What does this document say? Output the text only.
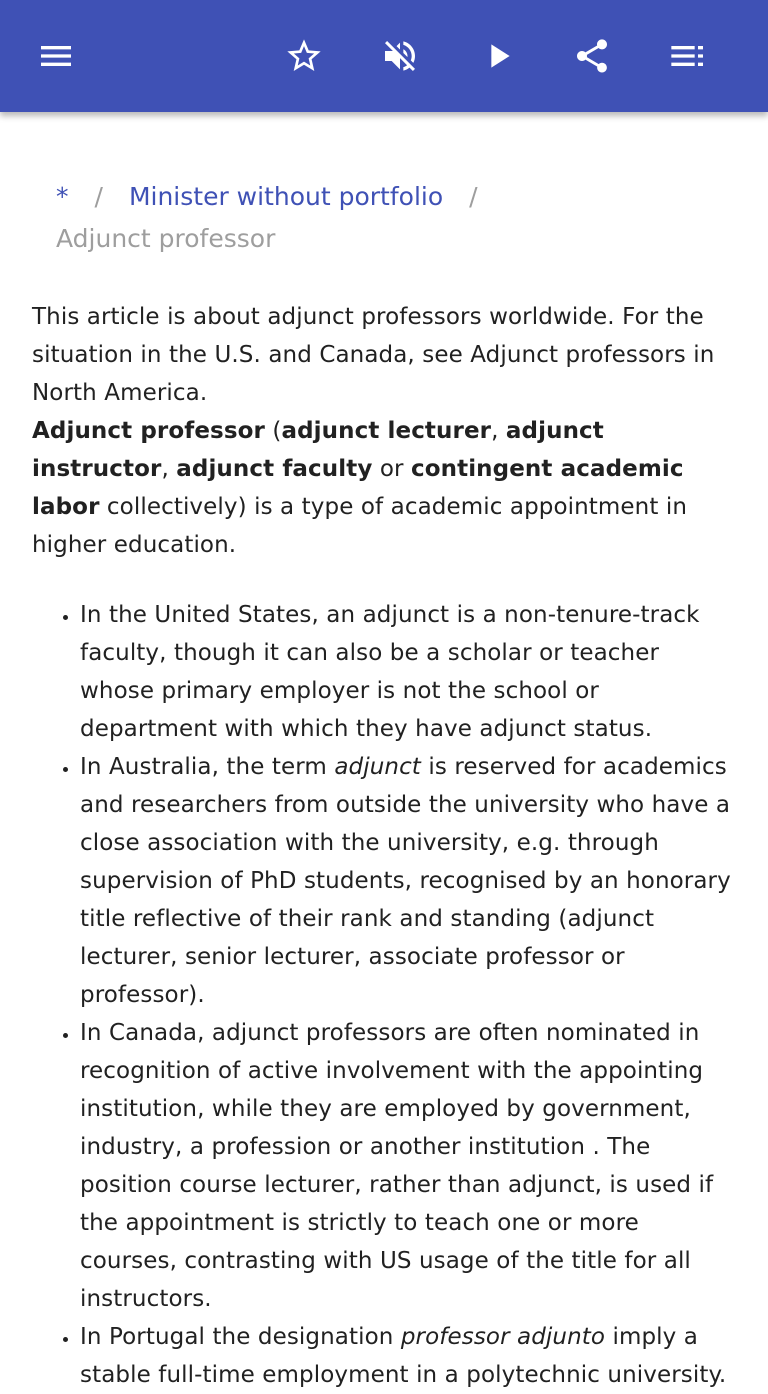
* / Minister without portfolio /
Adjunct professor

This article is about adjunct professors worldwide. For the situation in the U.S. and Canada, see Adjunct professors in North America.

Adjunct professor (adjunct lecturer, adjunct instructor, adjunct faculty or contingent academic labor collectively) is a type of academic appointment in higher education.

• In the United States, an adjunct is a non-tenure-track faculty, though it can also be a scholar or teacher whose primary employer is not the school or department with which they have adjunct status.
• In Australia, the term adjunct is reserved for academics and researchers from outside the university who have a close association with the university, e.g. through supervision of PhD students, recognised by an honorary title reflective of their rank and standing (adjunct lecturer, senior lecturer, associate professor or professor).
• In Canada, adjunct professors are often nominated in recognition of active involvement with the appointing institution, while they are employed by government, industry, a profession or another institution . The position course lecturer, rather than adjunct, is used if the appointment is strictly to teach one or more courses, contrasting with US usage of the title for all instructors.
• In Portugal the designation professor adjunto imply a stable full-time employment in a polytechnic university.
